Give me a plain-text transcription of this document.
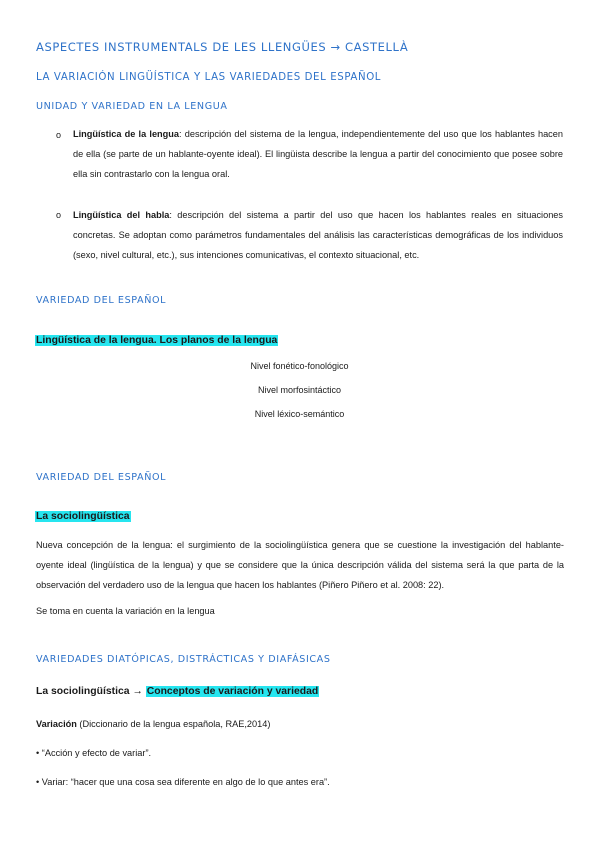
ASPECTES INSTRUMENTALS DE LES LLENGÜES → CASTELLÀ
LA VARIACIÓN LINGÜÍSTICA Y LAS VARIEDADES DEL ESPAÑOL
UNIDAD Y VARIEDAD EN LA LENGUA
o Lingüística de la lengua: descripción del sistema de la lengua, independientemente del uso que los hablantes hacen de ella (se parte de un hablante-oyente ideal). El lingüista describe la lengua a partir del conocimiento que posee sobre ella sin contrastarlo con la lengua oral.
o Lingüística del habla: descripción del sistema a partir del uso que hacen los hablantes reales en situaciones concretas. Se adoptan como parámetros fundamentales del análisis las características demográficas de los individuos (sexo, nivel cultural, etc.), sus intenciones comunicativas, el contexto situacional, etc.
VARIEDAD DEL ESPAÑOL
Lingüística de la lengua. Los planos de la lengua
Nivel fonético-fonológico
Nivel morfosintáctico
Nivel léxico-semántico
VARIEDAD DEL ESPAÑOL
La sociolingüística
Nueva concepción de la lengua: el surgimiento de la sociolingüística genera que se cuestione la investigación del hablante-oyente ideal (lingüística de la lengua) y que se considere que la única descripción válida del sistema será la que parta de la observación del verdadero uso de la lengua que hacen los hablantes (Piñero Piñero et al. 2008: 22).
Se toma en cuenta la variación en la lengua
VARIEDADES DIATÓPICAS, DISTRÁCTICAS Y DIAFÁSICAS
La sociolingüística → Conceptos de variación y variedad
Variación (Diccionario de la lengua española, RAE,2014)
• “Acción y efecto de variar”.
• Variar: “hacer que una cosa sea diferente en algo de lo que antes era”.
